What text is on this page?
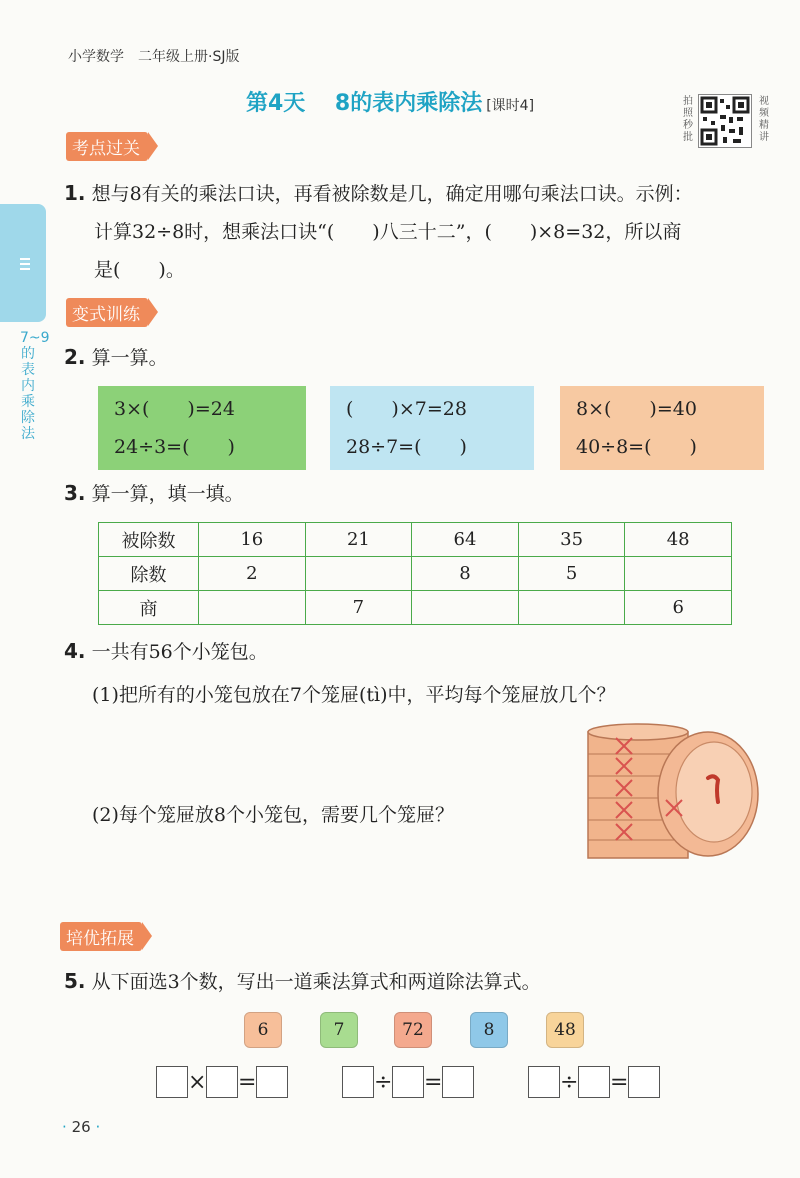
小学数学　二年级上册·SJ版
第4天　 8的表内乘除法 [课时4]	拍照秒批
视频精讲
7~9的表内乘除法
考点过关
1. 想与8有关的乘法口诀，再看被除数是几，确定用哪句乘法口诀。示例：
计算32÷8时，想乘法口诀“(　　)八三十二”，(　　)×8=32，所以商
是(　　)。
变式训练
2. 算一算。
3×(　　)=24
24÷3=(　　)
(　　)×7=28
28÷7=(　　)
8×(　　)=40
40÷8=(　　)
3. 算一算，填一填。
被除数	16	21	64	35	48
除数	2		8	5	
商		7			6
4. 一共有56个小笼包。
(1)把所有的小笼包放在7个笼屉(tì)中，平均每个笼屉放几个？
(2)每个笼屉放8个小笼包，需要几个笼屉？
培优拓展
5. 从下面选3个数，写出一道乘法算式和两道除法算式。
6	7	72	8	48
× =	÷ =	÷ =
· 26 ·
